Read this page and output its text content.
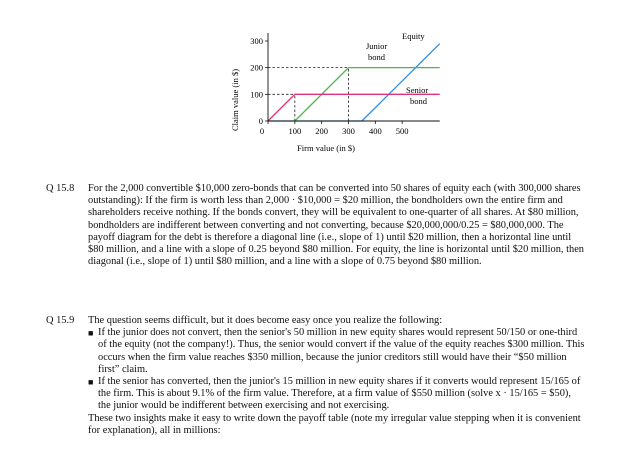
Claim value (in $)
Firm value (in $)
0
100
200
300
0	100 200 300 400 500
Equity
Junior
bond
Senior
bond
Q 15.8	For the 2,000 convertible $10,000 zero-bonds that can be converted into 50 shares of equity each (with 300,000 shares outstanding): If the firm is worth less than 2,000 · $10,000 = $20 million, the bondholders own the entire firm and shareholders receive nothing. If the bonds convert, they will be equivalent to one-quarter of all shares. At $80 million, bondholders are indifferent between converting and not converting, because $20,000,000/0.25 = $80,000,000. The payoff diagram for the debt is therefore a diagonal line (i.e., slope of 1) until $20 million, then a horizontal line until $80 million, and a line with a slope of 0.25 beyond $80 million. For equity, the line is horizontal until $20 million, then diagonal (i.e., slope of 1) until $80 million, and a line with a slope of 0.75 beyond $80 million.

Q 15.9	The question seems difficult, but it does become easy once you realize the following:

■ If the junior does not convert, then the senior's 50 million in new equity shares would represent 50/150 or one-third of the equity (not the company!). Thus, the senior would convert if the value of the equity reaches $300 million. This occurs when the firm value reaches $350 million, because the junior creditors still would have their “$50 million first” claim.
■ If the senior has converted, then the junior's 15 million in new equity shares if it converts would represent 15/165 of the firm. This is about 9.1% of the firm value. Therefore, at a firm value of $550 million (solve x · 15/165 = $50), the junior would be indifferent between exercising and not exercising.

These two insights make it easy to write down the payoff table (note my irregular value stepping when it is convenient for explanation), all in millions:
